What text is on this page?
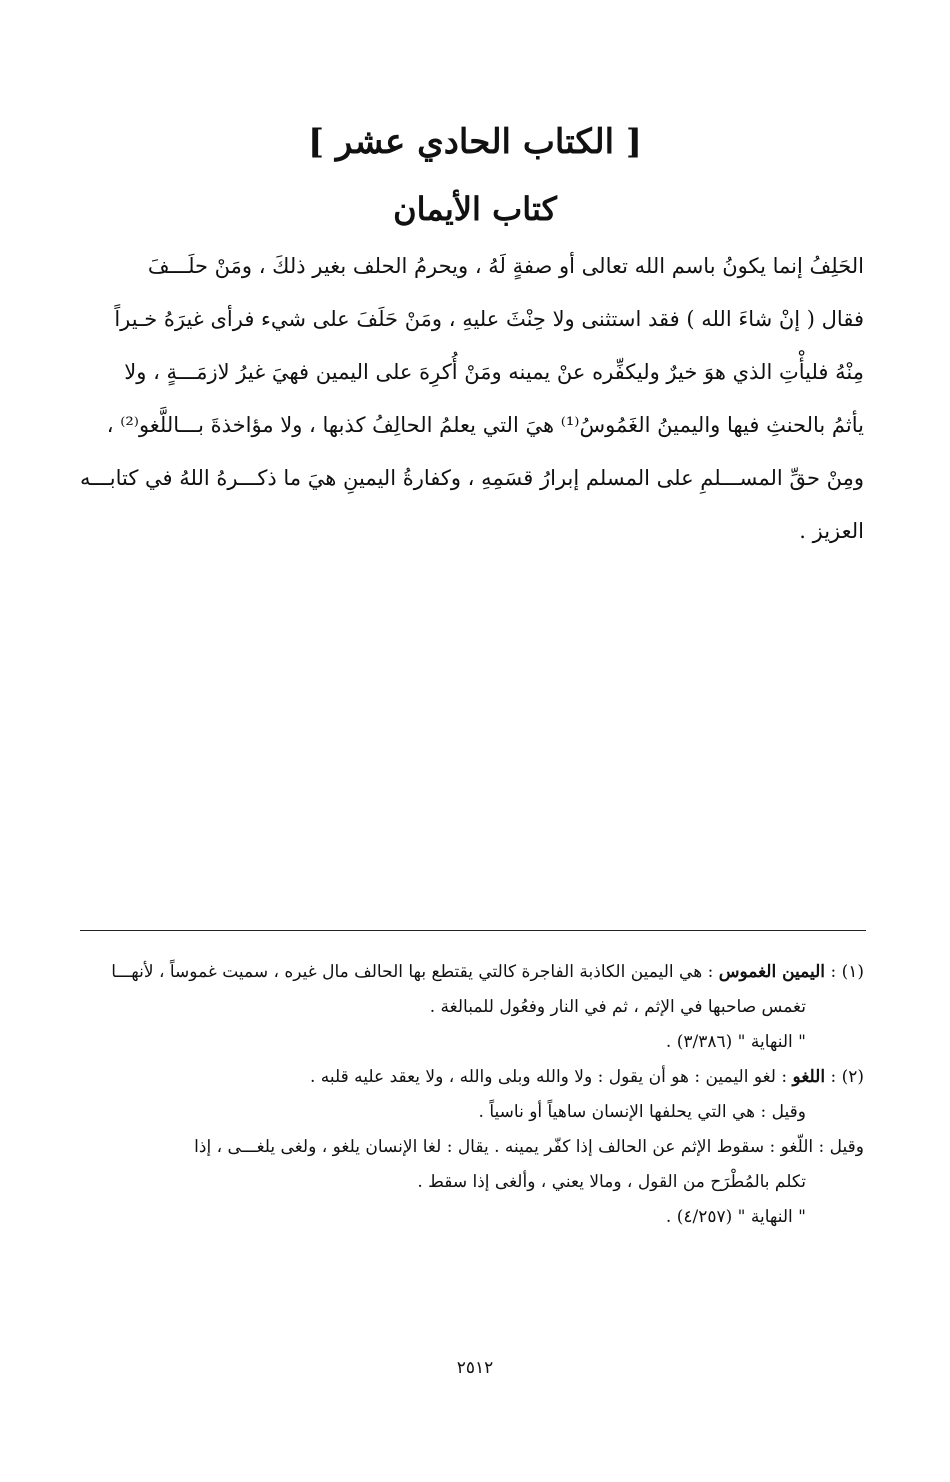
[ الكتاب الحادي عشر ]
كتاب الأيمان
الحَلِفُ إنما يكونُ باسم الله تعالى أو صفةٍ لَهُ ، ويحرمُ الحلف بغير ذلكَ ، ومَنْ حلَـــفَ
فقال ( إنْ شاءَ الله ) فقد استثنى ولا حِنْثَ عليهِ ، ومَنْ حَلَفَ على شيء فرأى غيرَهُ خـيراً
مِنْهُ فليأْتِ الذي هوَ خيرٌ وليكفِّره عنْ يمينه ومَنْ أُكرِهَ على اليمين فهيَ غيرُ لازمَـــةٍ ، ولا
يأثمُ بالحنثِ فيها واليمينُ الغَمُوسُ⁽¹⁾ هيَ التي يعلمُ الحالِفُ كذبها ، ولا مؤاخذةَ بـــاللَّغو⁽²⁾ ،
ومِنْ حقِّ المســـلمِ على المسلم إبرارُ قسَمِهِ ، وكفارةُ اليمينِ هيَ ما ذكـــرهُ اللهُ في كتابـــه
العزيز .
(١) : اليمين الغموس : هي اليمين الكاذبة الفاجرة كالتي يقتطع بها الحالف مال غيره ، سميت غموساً ، لأنهـــا
تغمس صاحبها في الإثم ، ثم في النار وفعُول للمبالغة .
" النهاية " (٣/٣٨٦) .
(٢) : اللغو : لغو اليمين : هو أن يقول : ولا والله وبلى والله ، ولا يعقد عليه قلبه .
وقيل : هي التي يحلفها الإنسان ساهياً أو ناسياً .
وقيل : اللّغو : سقوط الإثم عن الحالف إذا كفّر يمينه . يقال : لغا الإنسان يلغو ، ولغى يلغـــى ، إذا
تكلم بالمُطْرَح من القول ، ومالا يعني ، وألغى إذا سقط .
" النهاية " (٤/٢٥٧) .
٢٥١٢
